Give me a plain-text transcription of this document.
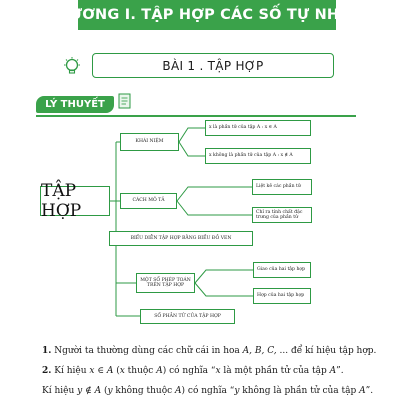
CHƯƠNG I. TẬP HỢP CÁC SỐ TỰ NHIÊN
BÀI 1 . TẬP HỢP
LÝ THUYẾT
TẬP HỢP
KHÁI NIỆM
x là phần tử của tập A : x ∈ A
x không là phần tử của tập A : x ∉ A
CÁCH MÔ TẢ
Liệt kê các phần tử
Chỉ ra tính chất đặc trưng của phần tử
BIỂU DIỄN TẬP HỢP BẰNG BIỂU ĐỒ VEN
MỘT SỐ PHÉP TOÁN TRÊN TẬP HỢP
Giao của hai tập hợp
Hợp của hai tập hợp
SỐ PHẦN TỬ CỦA TẬP HỢP
1. Người ta thường dùng các chữ cái in hoa A, B, C, ... để kí hiệu tập hợp.
2. Kí hiệu x ∈ A (x thuộc A) có nghĩa “x là một phần tử của tập A”.
Kí hiệu y ∉ A (y không thuộc A) có nghĩa “y không là phần tử của tập A”.
